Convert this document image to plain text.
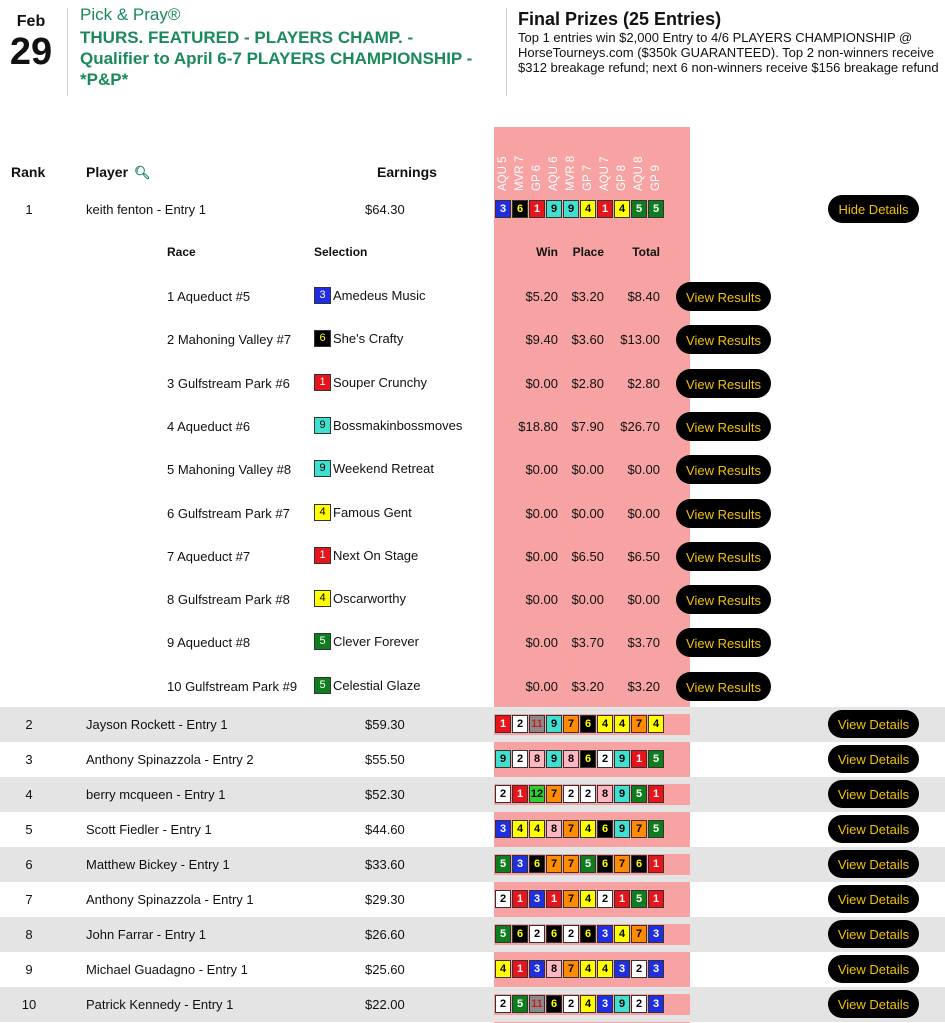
Feb
29
Pick & Pray®
THURS. FEATURED - PLAYERS CHAMP. - Qualifier to April 6-7 PLAYERS CHAMPIONSHIP - *P&P*
Final Prizes (25 Entries)
Top 1 entries win $2,000 Entry to 4/6 PLAYERS CHAMPIONSHIP @ HorseTourneys.com ($350k GUARANTEED). Top 2 non-winners receive $312 breakage refund; next 6 non-winners receive $156 breakage refund
AQU 5 MVR 7 GP 6 AQU 6 MVR 8 GP 7 AQU 7 GP 8 AQU 8 GP 9
Rank	Player 🔍︎	Earnings
1	keith fenton - Entry 1	$64.30	3 6 1 9 9 4 1 4 5 5	Hide Details
2	Jayson Rockett - Entry 1	$59.30	1 2 11 9 7 6 4 4 7 4	View Details
3	Anthony Spinazzola - Entry 2	$55.50	9 2 8 9 8 6 2 9 1 5	View Details
4	berry mcqueen - Entry 1	$52.30	2 1 12 7 2 2 8 9 5 1	View Details
5	Scott Fiedler - Entry 1	$44.60	3 4 4 8 7 4 6 9 7 5	View Details
6	Matthew Bickey - Entry 1	$33.60	5 3 6 7 7 5 6 7 6 1	View Details
7	Anthony Spinazzola - Entry 1	$29.30	2 1 3 1 7 4 2 1 5 1	View Details
8	John Farrar - Entry 1	$26.60	5 6 2 6 2 6 3 4 7 3	View Details
9	Michael Guadagno - Entry 1	$25.60	4 1 3 8 7 4 4 3 2 3	View Details
10	Patrick Kennedy - Entry 1	$22.00	2 5 11 6 2 4 3 9 2 3	View Details
1 Aqueduct #5	3 Amedeus Music	$5.20	$3.20	$8.40	View Results
2 Mahoning Valley #7	6 She's Crafty	$9.40	$3.60	$13.00	View Results
3 Gulfstream Park #6	1 Souper Crunchy	$0.00	$2.80	$2.80	View Results
4 Aqueduct #6	9 Bossmakinbossmoves	$18.80	$7.90	$26.70	View Results
5 Mahoning Valley #8	9 Weekend Retreat	$0.00	$0.00	$0.00	View Results
6 Gulfstream Park #7	4 Famous Gent	$0.00	$0.00	$0.00	View Results
7 Aqueduct #7	1 Next On Stage	$0.00	$6.50	$6.50	View Results
8 Gulfstream Park #8	4 Oscarworthy	$0.00	$0.00	$0.00	View Results
9 Aqueduct #8	5 Clever Forever	$0.00	$3.70	$3.70	View Results
10 Gulfstream Park #9	5 Celestial Glaze	$0.00	$3.20	$3.20	View Results
Race	Selection	Win	Place	Total
